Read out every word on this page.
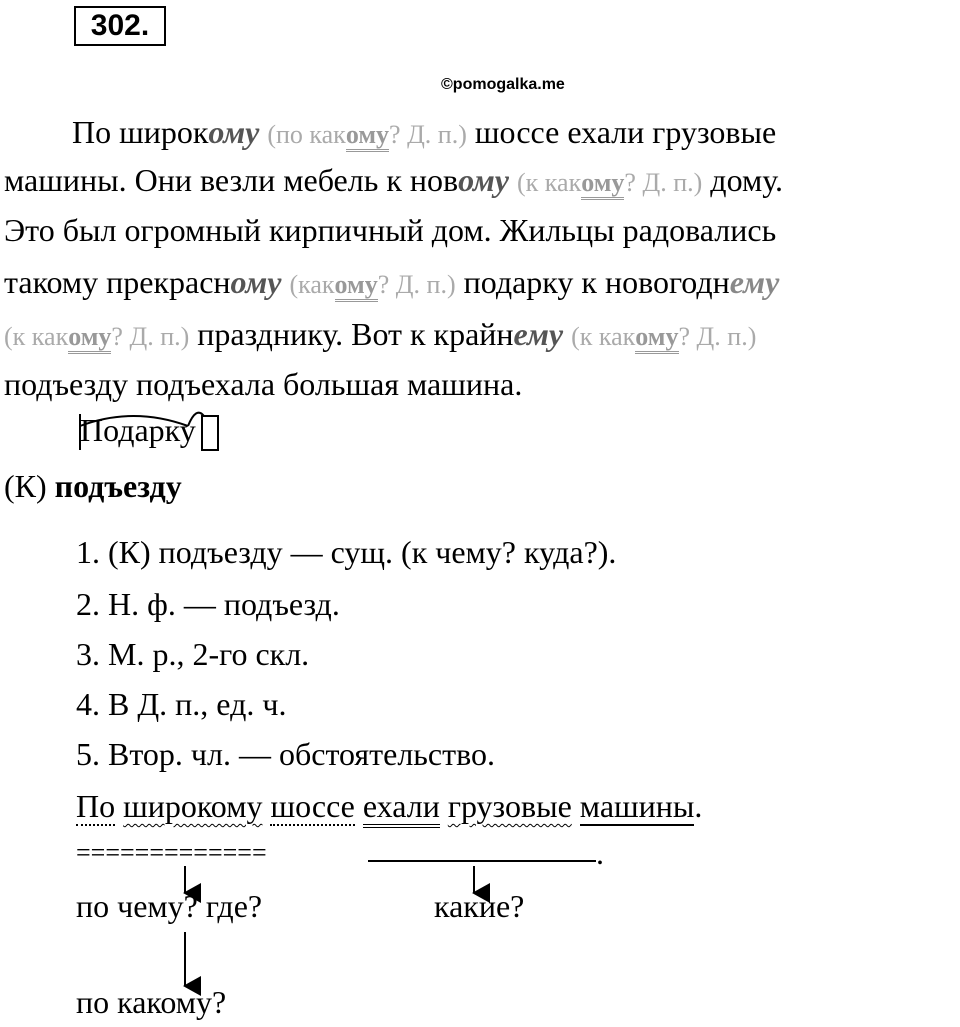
302.
©pomogalka.me
По широкому (по какому? Д. п.) шоссе ехали грузовые
машины. Они везли мебель к новому (к какому? Д. п.) дому.
Это был огромный кирпичный дом. Жильцы радовались
такому прекрасному (какому? Д. п.) подарку к новогоднему
(к какому? Д. п.) празднику. Вот к крайнему (к какому? Д. п.)
подъезду подъехала большая машина.
Подарку
(К) подъезду
1. (К) подъезду — сущ. (к чему? куда?).
2. Н. ф. — подъезд.
3. М. р., 2-го скл.
4. В Д. п., ед. ч.
5. Втор. чл. — обстоятельство.
По широкому шоссе ехали грузовые машины.
=============	.
по чему? где?	какие?
по какому?
